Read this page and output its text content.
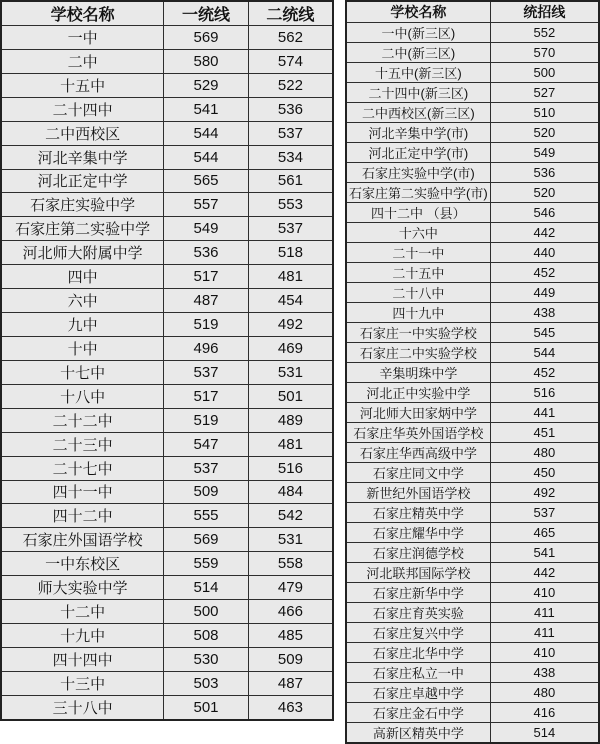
学校名称	一统线	二统线
一中	569	562
二中	580	574
十五中	529	522
二十四中	541	536
二中西校区	544	537
河北辛集中学	544	534
河北正定中学	565	561
石家庄实验中学	557	553
石家庄第二实验中学	549	537
河北师大附属中学	536	518
四中	517	481
六中	487	454
九中	519	492
十中	496	469
十七中	537	531
十八中	517	501
二十二中	519	489
二十三中	547	481
二十七中	537	516
四十一中	509	484
四十二中	555	542
石家庄外国语学校	569	531
一中东校区	559	558
师大实验中学	514	479
十二中	500	466
十九中	508	485
四十四中	530	509
十三中	503	487
三十八中	501	463
学校名称	统招线
一中(新三区)	552
二中(新三区)	570
十五中(新三区)	500
二十四中(新三区)	527
二中西校区(新三区)	510
河北辛集中学(市)	520
河北正定中学(市)	549
石家庄实验中学(市)	536
石家庄第二实验中学(市)	520
四十二中 （县）	546
十六中	442
二十一中	440
二十五中	452
二十八中	449
四十九中	438
石家庄一中实验学校	545
石家庄二中实验学校	544
辛集明珠中学	452
河北正中实验中学	516
河北师大田家炳中学	441
石家庄华英外国语学校	451
石家庄华西高级中学	480
石家庄同文中学	450
新世纪外国语学校	492
石家庄精英中学	537
石家庄耀华中学	465
石家庄润德学校	541
河北联邦国际学校	442
石家庄新华中学	410
石家庄育英实验	411
石家庄复兴中学	411
石家庄北华中学	410
石家庄私立一中	438
石家庄卓越中学	480
石家庄金石中学	416
高新区精英中学	514
